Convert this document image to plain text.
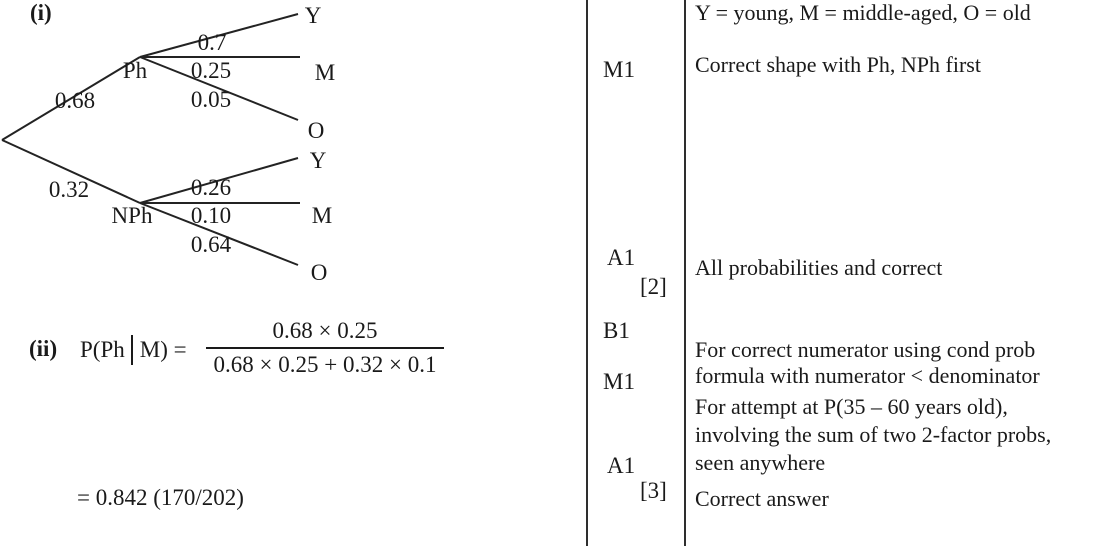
(i)
0.68
Ph
0.7
0.25
0.05
Y
M
O
0.32
NPh
0.26
0.10
0.64
Y
M
O
(ii) P(Ph $M) = \frac{0.68 \times 0.25}{0.68 \times 0.25 + 0.32 \times 0.1}$
= 0.842 (170/202)
M1
A1
[2]
B1
M1
A1
[3]
Y = young, M = middle-aged, O = old
Correct shape with Ph, NPh first
All probabilities and correct
For correct numerator using cond prob
formula with numerator < denominator
For attempt at P(35 – 60 years old),
involving the sum of two 2-factor probs,
seen anywhere
Correct answer
